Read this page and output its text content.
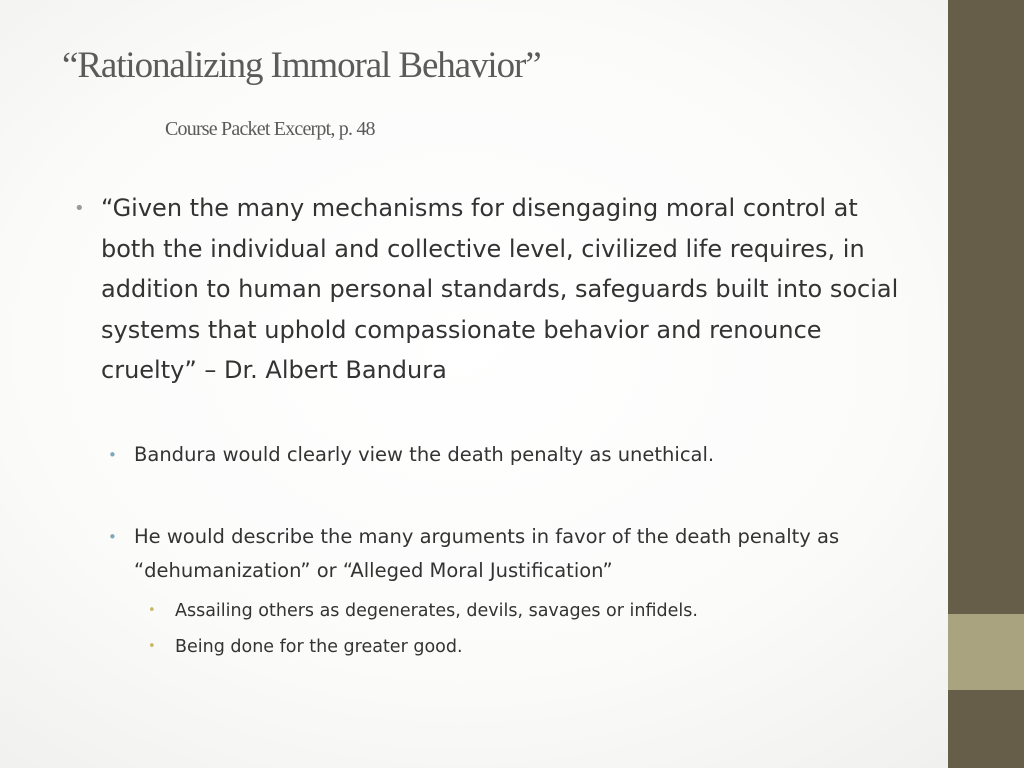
“Rationalizing Immoral Behavior”
Course Packet Excerpt, p. 48
• “Given the many mechanisms for disengaging moral control at both the individual and collective level, civilized life requires, in addition to human personal standards, safeguards built into social systems that uphold compassionate behavior and renounce cruelty” – Dr. Albert Bandura
• Bandura would clearly view the death penalty as unethical.
• He would describe the many arguments in favor of the death penalty as “dehumanization” or “Alleged Moral Justification”
• Assailing others as degenerates, devils, savages or infidels.
• Being done for the greater good.
